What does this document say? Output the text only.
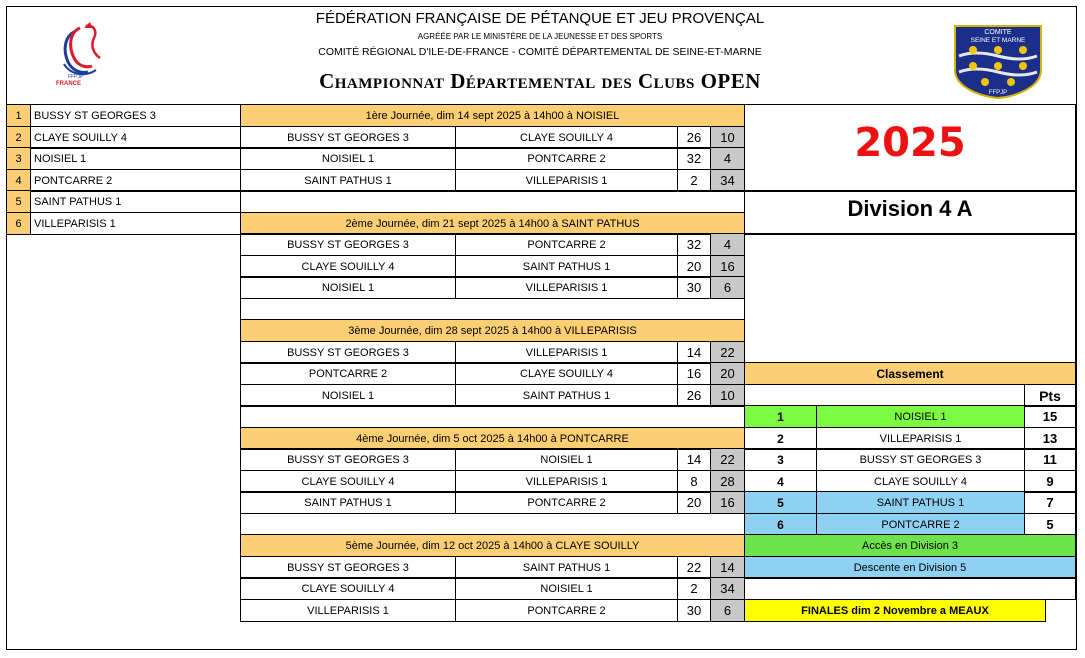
FFPJP
FRANCE
COMITE
SEINE ET MARNE
FFPJP
FÉDÉRATION FRANÇAISE DE PÉTANQUE ET JEU PROVENÇAL
AGRÉÉE PAR LE MINISTÈRE DE LA JEUNESSE ET DES SPORTS
COMITÉ RÉGIONAL D'ILE-DE-FRANCE - COMITÉ DÉPARTEMENTAL DE SEINE-ET-MARNE
Championnat Départemental des Clubs OPEN
1	BUSSY ST GEORGES 3
2	CLAYE SOUILLY 4
3	NOISIEL 1
4	PONTCARRE 2
5	SAINT PATHUS 1
6	VILLEPARISIS 1
1ère Journée, dim 14 sept 2025 à 14h00 à NOISIEL
BUSSY ST GEORGES 3	CLAYE SOUILLY 4	26	10
NOISIEL 1	PONTCARRE 2	32	4
SAINT PATHUS 1	VILLEPARISIS 1	2	34
2ème Journée, dim 21 sept 2025 à 14h00 à SAINT PATHUS
BUSSY ST GEORGES 3	PONTCARRE 2	32	4
CLAYE SOUILLY 4	SAINT PATHUS 1	20	16
NOISIEL 1	VILLEPARISIS 1	30	6
3ème Journée, dim 28 sept 2025 à 14h00 à VILLEPARISIS
BUSSY ST GEORGES 3	VILLEPARISIS 1	14	22
PONTCARRE 2	CLAYE SOUILLY 4	16	20
NOISIEL 1	SAINT PATHUS 1	26	10
4ème Journée, dim 5 oct 2025 à 14h00 à PONTCARRE
BUSSY ST GEORGES 3	NOISIEL 1	14	22
CLAYE SOUILLY 4	VILLEPARISIS 1	8	28
SAINT PATHUS 1	PONTCARRE 2	20	16
5ème Journée, dim 12 oct 2025 à 14h00 à CLAYE SOUILLY
BUSSY ST GEORGES 3	SAINT PATHUS 1	22	14
CLAYE SOUILLY 4	NOISIEL 1	2	34
VILLEPARISIS 1	PONTCARRE 2	30	6
Classement
Pts
1	NOISIEL 1	15
2	VILLEPARISIS 1	13
3	BUSSY ST GEORGES 3	11
4	CLAYE SOUILLY 4	9
5	SAINT PATHUS 1	7
6	PONTCARRE 2	5
Accès en Division 3
Descente en Division 5
FINALES dim 2 Novembre a MEAUX
2025
Division 4 A
